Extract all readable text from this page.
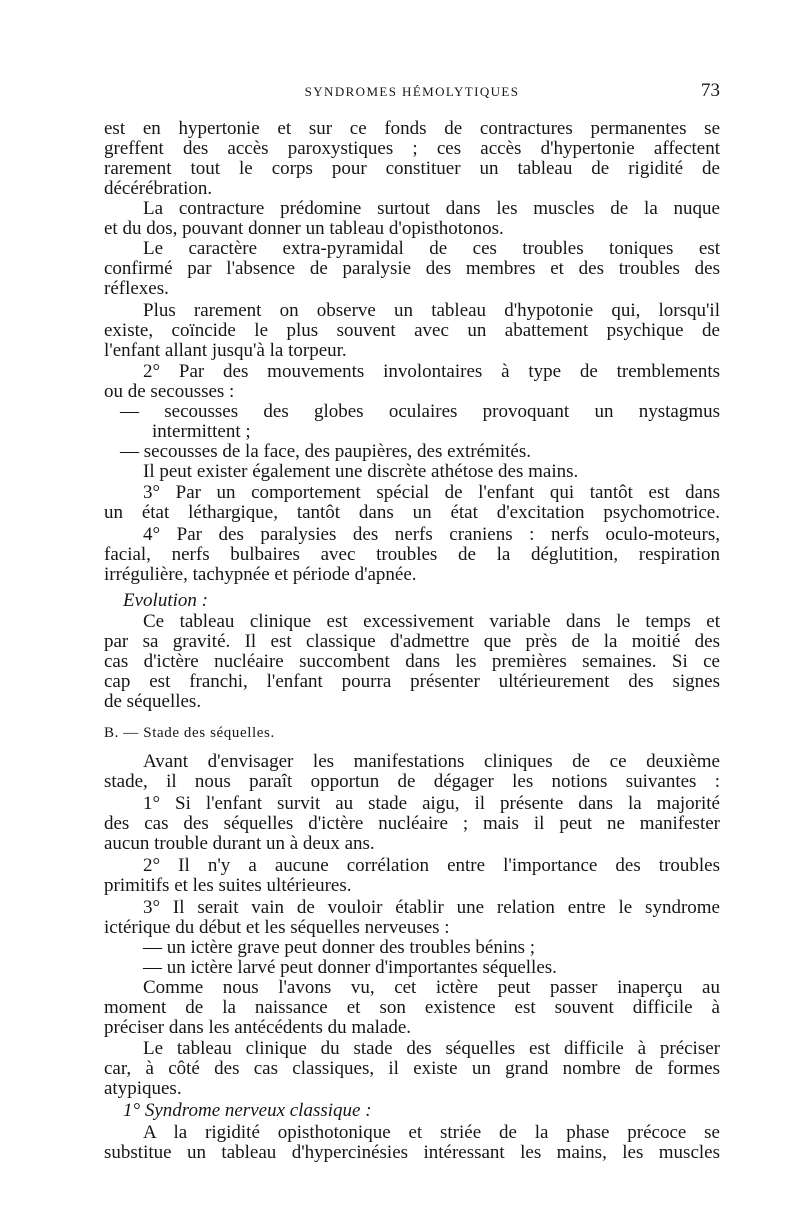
SYNDROMES HÉMOLYTIQUES	73
est en hypertonie et sur ce fonds de contractures permanentes se
greffent des accès paroxystiques ; ces accès d'hypertonie affectent
rarement tout le corps pour constituer un tableau de rigidité de
décérébration.
La contracture prédomine surtout dans les muscles de la nuque
et du dos, pouvant donner un tableau d'opisthotonos.
Le caractère extra-pyramidal de ces troubles toniques est
confirmé par l'absence de paralysie des membres et des troubles des
réflexes.
Plus rarement on observe un tableau d'hypotonie qui, lorsqu'il
existe, coïncide le plus souvent avec un abattement psychique de
l'enfant allant jusqu'à la torpeur.
2° Par des mouvements involontaires à type de tremblements
ou de secousses :
— secousses des globes oculaires provoquant un nystagmus
intermittent ;
— secousses de la face, des paupières, des extrémités.
Il peut exister également une discrète athétose des mains.
3° Par un comportement spécial de l'enfant qui tantôt est dans
un état léthargique, tantôt dans un état d'excitation psychomotrice.
4° Par des paralysies des nerfs craniens : nerfs oculo-moteurs,
facial, nerfs bulbaires avec troubles de la déglutition, respiration
irrégulière, tachypnée et période d'apnée.
Evolution :
Ce tableau clinique est excessivement variable dans le temps et
par sa gravité. Il est classique d'admettre que près de la moitié des
cas d'ictère nucléaire succombent dans les premières semaines. Si ce
cap est franchi, l'enfant pourra présenter ultérieurement des signes
de séquelles.
B. — Stade des séquelles.
Avant d'envisager les manifestations cliniques de ce deuxième
stade, il nous paraît opportun de dégager les notions suivantes :
1° Si l'enfant survit au stade aigu, il présente dans la majorité
des cas des séquelles d'ictère nucléaire ; mais il peut ne manifester
aucun trouble durant un à deux ans.
2° Il n'y a aucune corrélation entre l'importance des troubles
primitifs et les suites ultérieures.
3° Il serait vain de vouloir établir une relation entre le syndrome
ictérique du début et les séquelles nerveuses :
— un ictère grave peut donner des troubles bénins ;
— un ictère larvé peut donner d'importantes séquelles.
Comme nous l'avons vu, cet ictère peut passer inaperçu au
moment de la naissance et son existence est souvent difficile à
préciser dans les antécédents du malade.
Le tableau clinique du stade des séquelles est difficile à préciser
car, à côté des cas classiques, il existe un grand nombre de formes
atypiques.
1° Syndrome nerveux classique :
A la rigidité opisthotonique et striée de la phase précoce se
substitue un tableau d'hypercinésies intéressant les mains, les muscles
